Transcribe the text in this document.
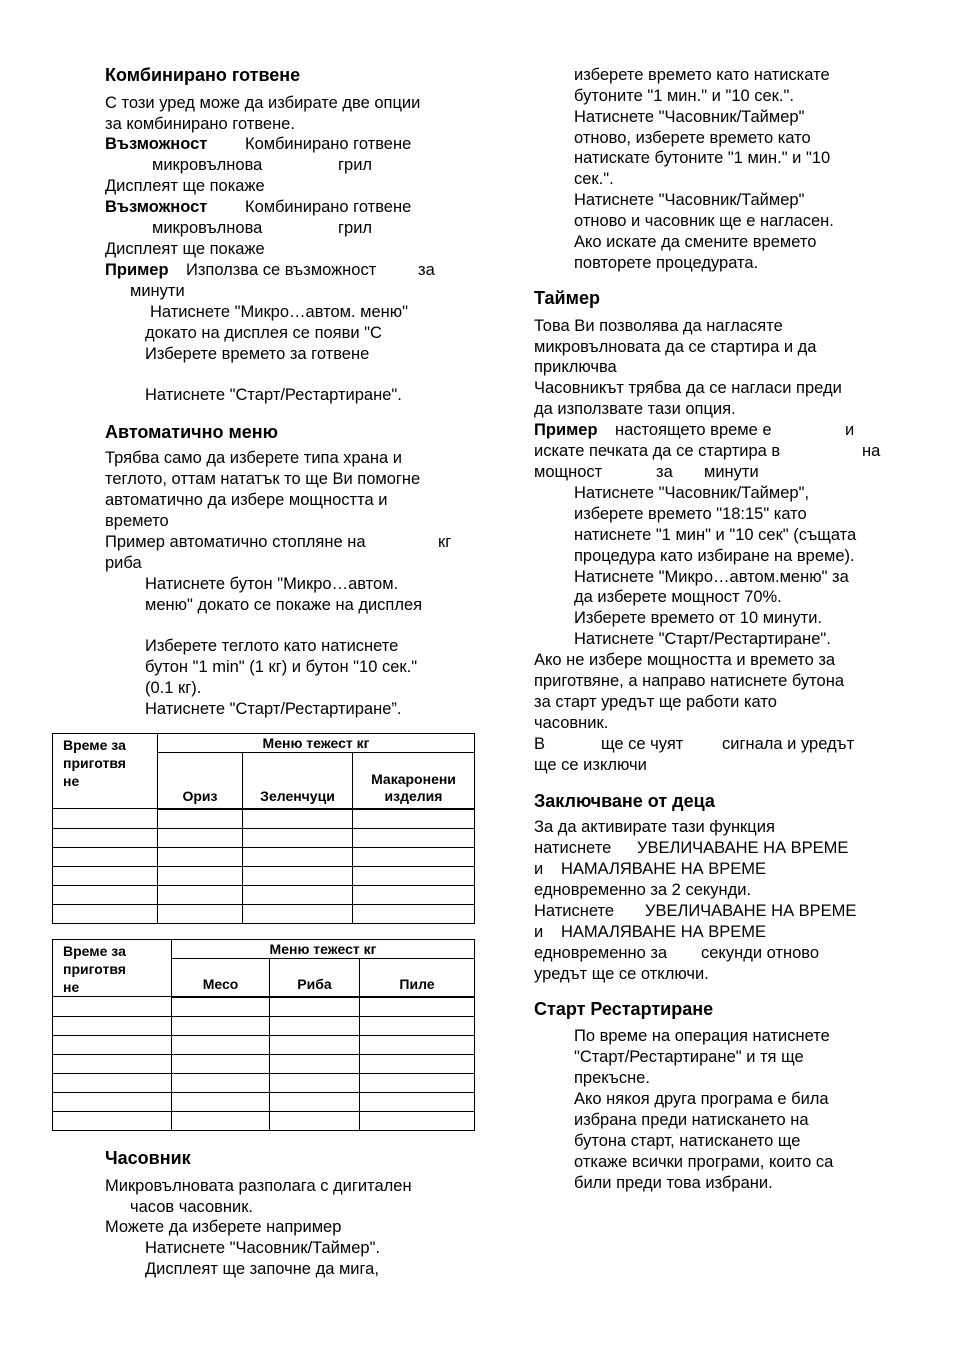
Комбинирано готвене
С този уред може да избирате две опции
за комбинирано готвене.
Възможност Комбинирано готвене
микровълнова	грил
Дисплеят ще покаже
Възможност Комбинирано готвене
микровълнова	грил
Дисплеят ще покаже
Пример Използва се възможност	за
минути
Натиснете "Микро…автом. меню"
докато на дисплея се появи "С
Изберете времето за готвене
Натиснете "Старт/Рестартиране".
Автоматично меню
Трябва само да изберете типа храна и
теглото, оттам нататък то ще Ви помогне
автоматично да избере мощността и
времето
Пример автоматично стопляне на	кг
риба
Натиснете бутон "Микро…автом.
меню" докато се покаже на дисплея
Изберете теглото като натиснете
бутон "1 min" (1 кг) и бутон "10 сек."
(0.1 кг).
Натиснете "Старт/Рестартиране”.
Време за
приготвя
не	Меню тежест кг		
	Ориз	Зеленчуци	Макаронени изделия

Време за
приготвя
не	Меню тежест кг		
	Месо	Риба	Пиле

Часовник
Микровълновата разполага с дигитален
часов часовник.
Можете да изберете например
Натиснете "Часовник/Таймер".
Дисплеят ще започне да мига,
изберете времето като натискате
бутоните "1 мин." и "10 сек.".
Натиснете "Часовник/Таймер"
отново, изберете времето като
натискате бутоните "1 мин." и "10
сек.".
Натиснете "Часовник/Таймер"
отново и часовник ще е нагласен.
Ако искате да смените времето
повторете процедурата.
Таймер
Това Ви позволява да нагласяте
микровълновата да се стартира и да
приключва
Часовникът трябва да се нагласи преди
да използвате тази опция.
Пример настоящето време е	и
искате печката да се стартира в	на
мощност	за минути
Натиснете "Часовник/Таймер",
изберете времето "18:15" като
натиснете "1 мин" и "10 сек" (същата
процедура като избиране на време).
Натиснете "Микро…автом.меню" за
да изберете мощност 70%.
Изберете времето от 10 минути.
Натиснете "Старт/Рестартиране".
Ако не избере мощността и времето за
приготвяне, а направо натиснете бутона
за старт уредът ще работи като
часовник.
В	ще се чуят сигнала и уредът
ще се изключи
Заключване от деца
За да активирате тази функция
натиснете УВЕЛИЧАВАНЕ НА ВРЕМЕ
и НАМАЛЯВАНЕ НА ВРЕМЕ
едновременно за 2 секунди.
Натиснете УВЕЛИЧАВАНЕ НА ВРЕМЕ
и НАМАЛЯВАНЕ НА ВРЕМЕ
едновременно за секунди отново
уредът ще се отключи.
Старт Рестартиране
По време на операция натиснете
"Старт/Рестартиране" и тя ще
прекъсне.
Ако някоя друга програма е била
избрана преди натискането на
бутона старт, натискането ще
откаже всички програми, които са
били преди това избрани.
